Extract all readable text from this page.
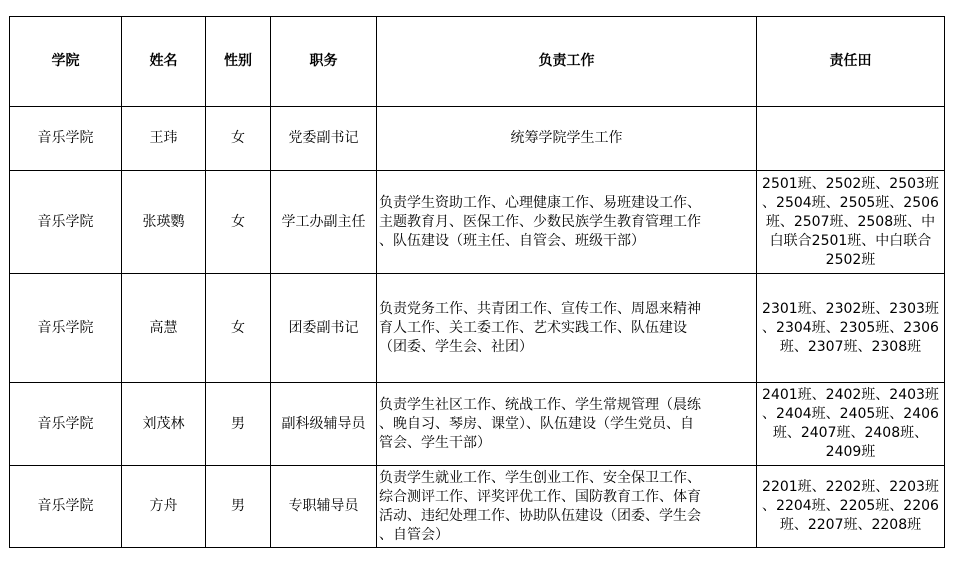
学院	姓名	性别	职务	负责工作	责任田
音乐学院	王玮	女	党委副书记	统筹学院学生工作	

音乐学院	张瑛鹦	女	学工办副主任	负责学生资助工作、心理健康工作、易班建设工作、
主题教育月、医保工作、少数民族学生教育管理工作
、队伍建设（班主任、自管会、班级干部）	2501班、2502班、2503班
、2504班、2505班、2506
班、2507班、2508班、中
白联合2501班、中白联合
2502班

音乐学院	高慧	女	团委副书记	负责党务工作、共青团工作、宣传工作、周恩来精神
育人工作、关工委工作、艺术实践工作、队伍建设
（团委、学生会、社团）	2301班、2302班、2303班
、2304班、2305班、2306
班、2307班、2308班

音乐学院	刘茂林	男	副科级辅导员	负责学生社区工作、统战工作、学生常规管理（晨练
、晚自习、琴房、课堂）、队伍建设（学生党员、自
管会、学生干部）	2401班、2402班、2403班
、2404班、2405班、2406
班、2407班、2408班、
2409班

音乐学院	方舟	男	专职辅导员	负责学生就业工作、学生创业工作、安全保卫工作、
综合测评工作、评奖评优工作、国防教育工作、体育
活动、违纪处理工作、协助队伍建设（团委、学生会
、自管会）	2201班、2202班、2203班
、2204班、2205班、2206
班、2207班、2208班
